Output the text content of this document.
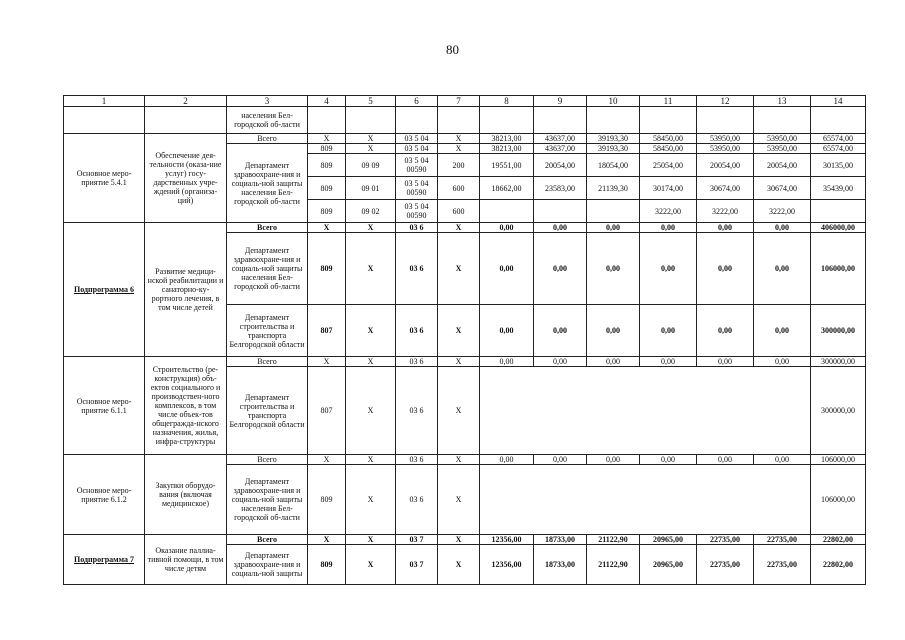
80
1	2	3	4	5	6	7	8	9	10	11	12	13	14
		населения Бел-городской об-ласти											
Основное меро-приятие 5.4.1	Обеспечение дея-тельности (оказа-ние услуг) госу-дарственных учре-ждений (организа-ций)	Всего	Х	Х	03 5 04	Х	38213,00	43637,00	39193,30	58450,00	53950,00	53950,00	65574,00
		Департамент здравоохране-ния и социаль-ной защиты населения Бел-городской об-ласти	809	Х	03 5 04	Х	38213,00	43637,00	39193,30	58450,00	53950,00	53950,00	65574,00
			809	09 09	03 5 04 00590	200	19551,00	20054,00	18054,00	25054,00	20054,00	20054,00	30135,00
			809	09 01	03 5 04 00590	600	18662,00	23583,00	21139,30	30174,00	30674,00	30674,00	35439,00
			809	09 02	03 5 04 00590	600				3222,00	3222,00	3222,00	
Подпрограмма 6	Развитие медици-нской реабилитации и санаторно-ку-рортного лечения, в том числе детей	Всего	Х	Х	03 6	Х	0,00	0,00	0,00	0,00	0,00	0,00	406000,00
		Департамент здравоохране-ния и социаль-ной защиты населения Бел-городской об-ласти	809	Х	03 6	Х	0,00	0,00	0,00	0,00	0,00	0,00	106000,00
		Департамент строительства и транспорта Белгородской области	807	Х	03 6	Х	0,00	0,00	0,00	0,00	0,00	0,00	300000,00
Основное меро-приятие 6.1.1	Строительство (ре-конструкция) объ-ектов социального и производствен-ного комплексов, в том числе объек-тов общегражда-нского назначения, жилья, инфра-структуры	Всего	Х	Х	03 6	Х	0,00	0,00	0,00	0,00	0,00	0,00	300000,00
		Департамент строительства и транспорта Белгородской области	807	Х	03 6	Х							300000,00
Основное меро-приятие 6.1.2	Закупки оборудо-вания (включая медицинское)	Всего	Х	Х	03 6	Х	0,00	0,00	0,00	0,00	0,00	0,00	106000,00
		Департамент здравоохране-ния и социаль-ной защиты населения Бел-городской об-ласти	809	Х	03 6	Х							106000,00
Подпрограмма 7	Оказание паллиа-тивной помощи, в том числе детям	Всего	Х	Х	03 7	Х	12356,00	18733,00	21122,90	20965,00	22735,00	22735,00	22802,00
		Департамент здравоохране-ния и социаль-ной защиты	809	Х	03 7	Х	12356,00	18733,00	21122,90	20965,00	22735,00	22735,00	22802,00
